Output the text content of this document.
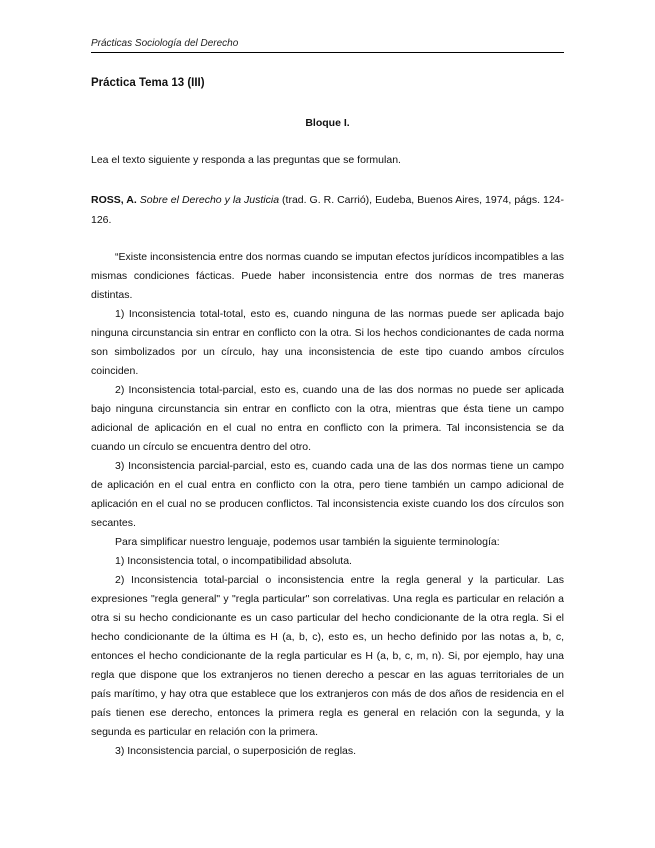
Prácticas Sociología del Derecho
Práctica Tema 13 (III)
Bloque I.
Lea el texto siguiente y responda a las preguntas que se formulan.
ROSS, A. Sobre el Derecho y la Justicia (trad. G. R. Carrió), Eudeba, Buenos Aires, 1974, págs. 124-126.

“Existe inconsistencia entre dos normas cuando se imputan efectos jurídicos incompatibles a las mismas condiciones fácticas. Puede haber inconsistencia entre dos normas de tres maneras distintas.

1) Inconsistencia total-total, esto es, cuando ninguna de las normas puede ser aplicada bajo ninguna circunstancia sin entrar en conflicto con la otra. Si los hechos condicionantes de cada norma son simbolizados por un círculo, hay una inconsistencia de este tipo cuando ambos círculos coinciden.

2) Inconsistencia total-parcial, esto es, cuando una de las dos normas no puede ser aplicada bajo ninguna circunstancia sin entrar en conflicto con la otra, mientras que ésta tiene un campo adicional de aplicación en el cual no entra en conflicto con la primera. Tal inconsistencia se da cuando un círculo se encuentra dentro del otro.

3) Inconsistencia parcial-parcial, esto es, cuando cada una de las dos normas tiene un campo de aplicación en el cual entra en conflicto con la otra, pero tiene también un campo adicional de aplicación en el cual no se producen conflictos. Tal inconsistencia existe cuando los dos círculos son secantes.

Para simplificar nuestro lenguaje, podemos usar también la siguiente terminología:

1) Inconsistencia total, o incompatibilidad absoluta.

2) Inconsistencia total-parcial o inconsistencia entre la regla general y la particular. Las expresiones "regla general" y "regla particular" son correlativas. Una regla es particular en relación a otra si su hecho condicionante es un caso particular del hecho condicionante de la otra regla. Si el hecho condicionante de la última es H (a, b, c), esto es, un hecho definido por las notas a, b, c, entonces el hecho condicionante de la regla particular es H (a, b, c, m, n). Si, por ejemplo, hay una regla que dispone que los extranjeros no tienen derecho a pescar en las aguas territoriales de un país marítimo, y hay otra que establece que los extranjeros con más de dos años de residencia en el país tienen ese derecho, entonces la primera regla es general en relación con la segunda, y la segunda es particular en relación con la primera.

3) Inconsistencia parcial, o superposición de reglas.
